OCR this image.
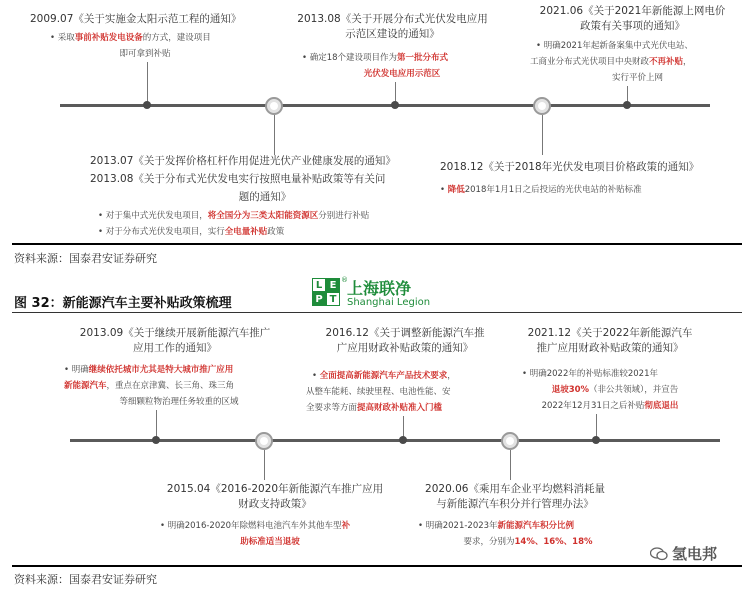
2009.07《关于实施金太阳示范工程的通知》
• 采取事前补贴发电设备的方式，建设项目
即可拿到补贴
2013.08《关于开展分布式光伏发电应用
示范区建设的通知》
• 确定18个建设项目作为第一批分布式
光伏发电应用示范区
2021.06《关于2021年新能源上网电价
政策有关事项的通知》
• 明确2021年起新备案集中式光伏电站、
工商业分布式光伏项目中央财政不再补贴，
实行平价上网
2013.07《关于发挥价格杠杆作用促进光伏产业健康发展的通知》
2013.08《关于分布式光伏发电实行按照电量补贴政策等有关问
题的通知》
• 对于集中式光伏发电项目，将全国分为三类太阳能资源区分别进行补贴
• 对于分布式光伏发电项目，实行全电量补贴政策
2018.12《关于2018年光伏发电项目价格政策的通知》
• 降低2018年1月1日之后投运的光伏电站的补贴标准
资料来源：国泰君安证券研究
图 32：新能源汽车主要补贴政策梳理
L E
P T
® 上海联净
Shanghai Legion
2013.09《关于继续开展新能源汽车推广
应用工作的通知》
• 明确继续依托城市尤其是特大城市推广应用
新能源汽车，重点在京津冀、长三角、珠三角
等细颗粒物治理任务较重的区域
2016.12《关于调整新能源汽车推
广应用财政补贴政策的通知》
• 全面提高新能源汽车产品技术要求，
从整车能耗、续驶里程、电池性能、安
全要求等方面提高财政补贴准入门槛
2021.12《关于2022年新能源汽车
推广应用财政补贴政策的通知》
• 明确2022年的补贴标准较2021年
退坡30%（非公共领域），并宣告
2022年12月31日之后补贴彻底退出
2015.04《2016-2020年新能源汽车推广应用
财政支持政策》
• 明确2016-2020年除燃料电池汽车外其他车型补
助标准适当退坡
2020.06《乘用车企业平均燃料消耗量
与新能源汽车积分并行管理办法》
• 明确2021-2023年新能源汽车积分比例
要求，分别为14%、16%、18%
氢电邦
资料来源：国泰君安证券研究
